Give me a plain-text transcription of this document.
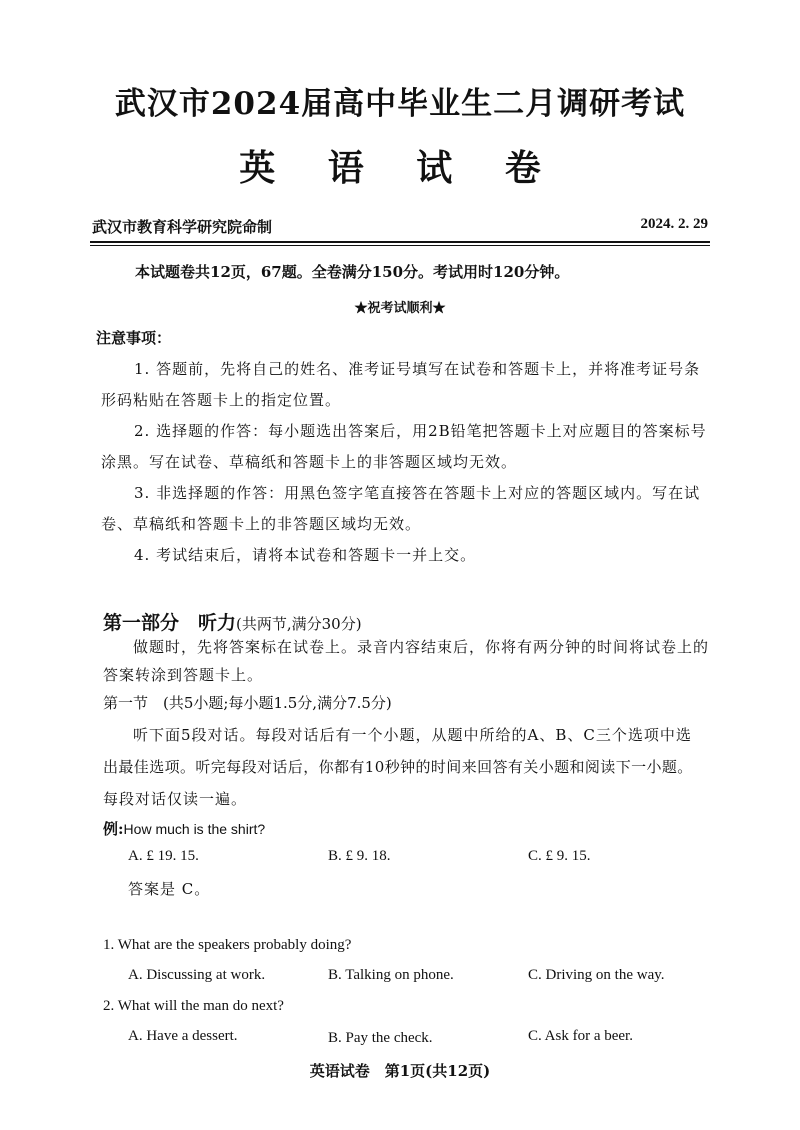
武汉市2024届高中毕业生二月调研考试
英 语 试 卷
武汉市教育科学研究院命制	2024. 2. 29
本试题卷共12页，67题。全卷满分150分。考试用时120分钟。
★祝考试顺利★
注意事项：
1. 答题前，先将自己的姓名、准考证号填写在试卷和答题卡上，并将准考证号条
形码粘贴在答题卡上的指定位置。
2. 选择题的作答：每小题选出答案后，用2B铅笔把答题卡上对应题目的答案标号
涂黑。写在试卷、草稿纸和答题卡上的非答题区域均无效。
3. 非选择题的作答：用黑色签字笔直接答在答题卡上对应的答题区域内。写在试
卷、草稿纸和答题卡上的非答题区域均无效。
4. 考试结束后，请将本试卷和答题卡一并上交。
第一部分　听力(共两节,满分30分)
做题时，先将答案标在试卷上。录音内容结束后，你将有两分钟的时间将试卷上的
答案转涂到答题卡上。
第一节　(共5小题;每小题1.5分,满分7.5分)
听下面5段对话。每段对话后有一个小题，从题中所给的A、B、C三个选项中选
出最佳选项。听完每段对话后，你都有10秒钟的时间来回答有关小题和阅读下一小题。
每段对话仅读一遍。
例:How much is the shirt?
A. £ 19. 15.	B. £ 9. 18.	C. £ 9. 15.
答案是 C。
1. What are the speakers probably doing?
A. Discussing at work.	B. Talking on phone.	C. Driving on the way.
2. What will the man do next?
A. Have a dessert.	B. Pay the check.	C. Ask for a beer.
英语试卷　第1页(共12页)
